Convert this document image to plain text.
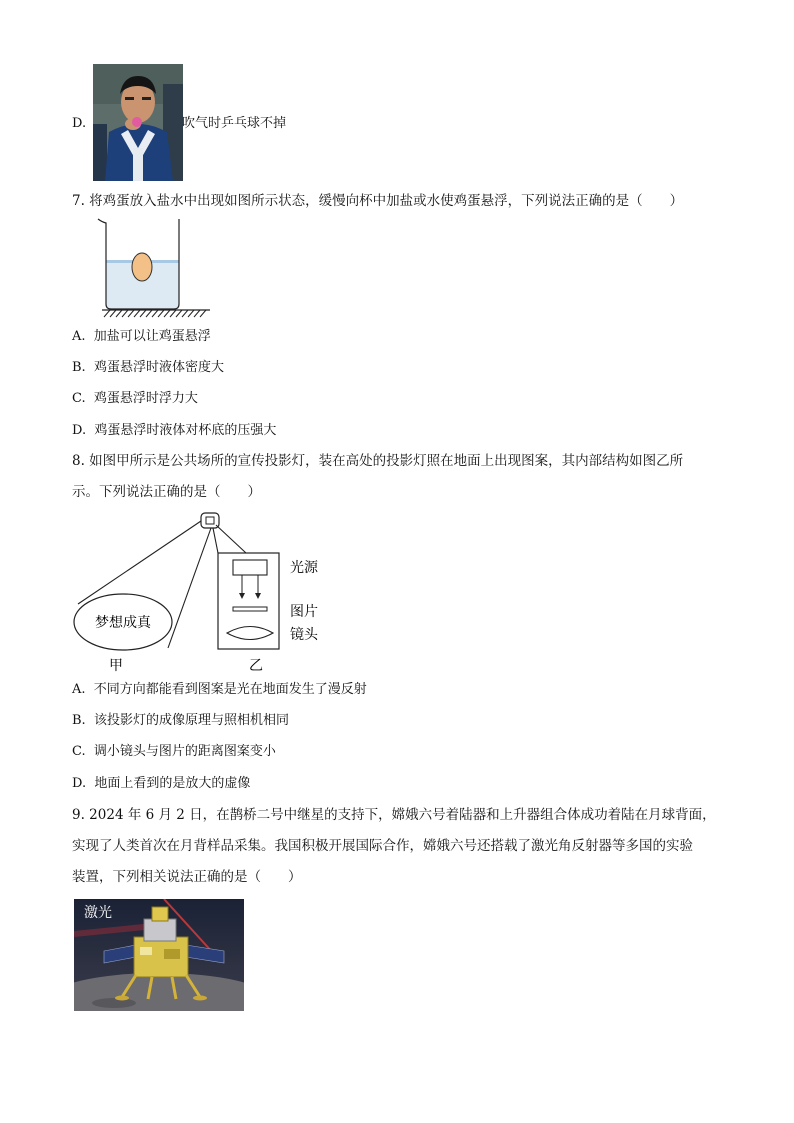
D.	吹气时乒乓球不掉
7. 将鸡蛋放入盐水中出现如图所示状态，缓慢向杯中加盐或水使鸡蛋悬浮，下列说法正确的是（　　）
A. 加盐可以让鸡蛋悬浮
B. 鸡蛋悬浮时液体密度大
C. 鸡蛋悬浮时浮力大
D. 鸡蛋悬浮时液体对杯底的压强大
8. 如图甲所示是公共场所的宣传投影灯，装在高处的投影灯照在地面上出现图案，其内部结构如图乙所
示。下列说法正确的是（　　）
梦想成真
甲
光源
图片
镜头
乙
A. 不同方向都能看到图案是光在地面发生了漫反射
B. 该投影灯的成像原理与照相机相同
C. 调小镜头与图片的距离图案变小
D. 地面上看到的是放大的虚像
9. 2024 年 6 月 2 日，在鹊桥二号中继星的支持下，嫦娥六号着陆器和上升器组合体成功着陆在月球背面，
实现了人类首次在月背样品采集。我国积极开展国际合作，嫦娥六号还搭载了激光角反射器等多国的实验
装置，下列相关说法正确的是（　　）
激光
